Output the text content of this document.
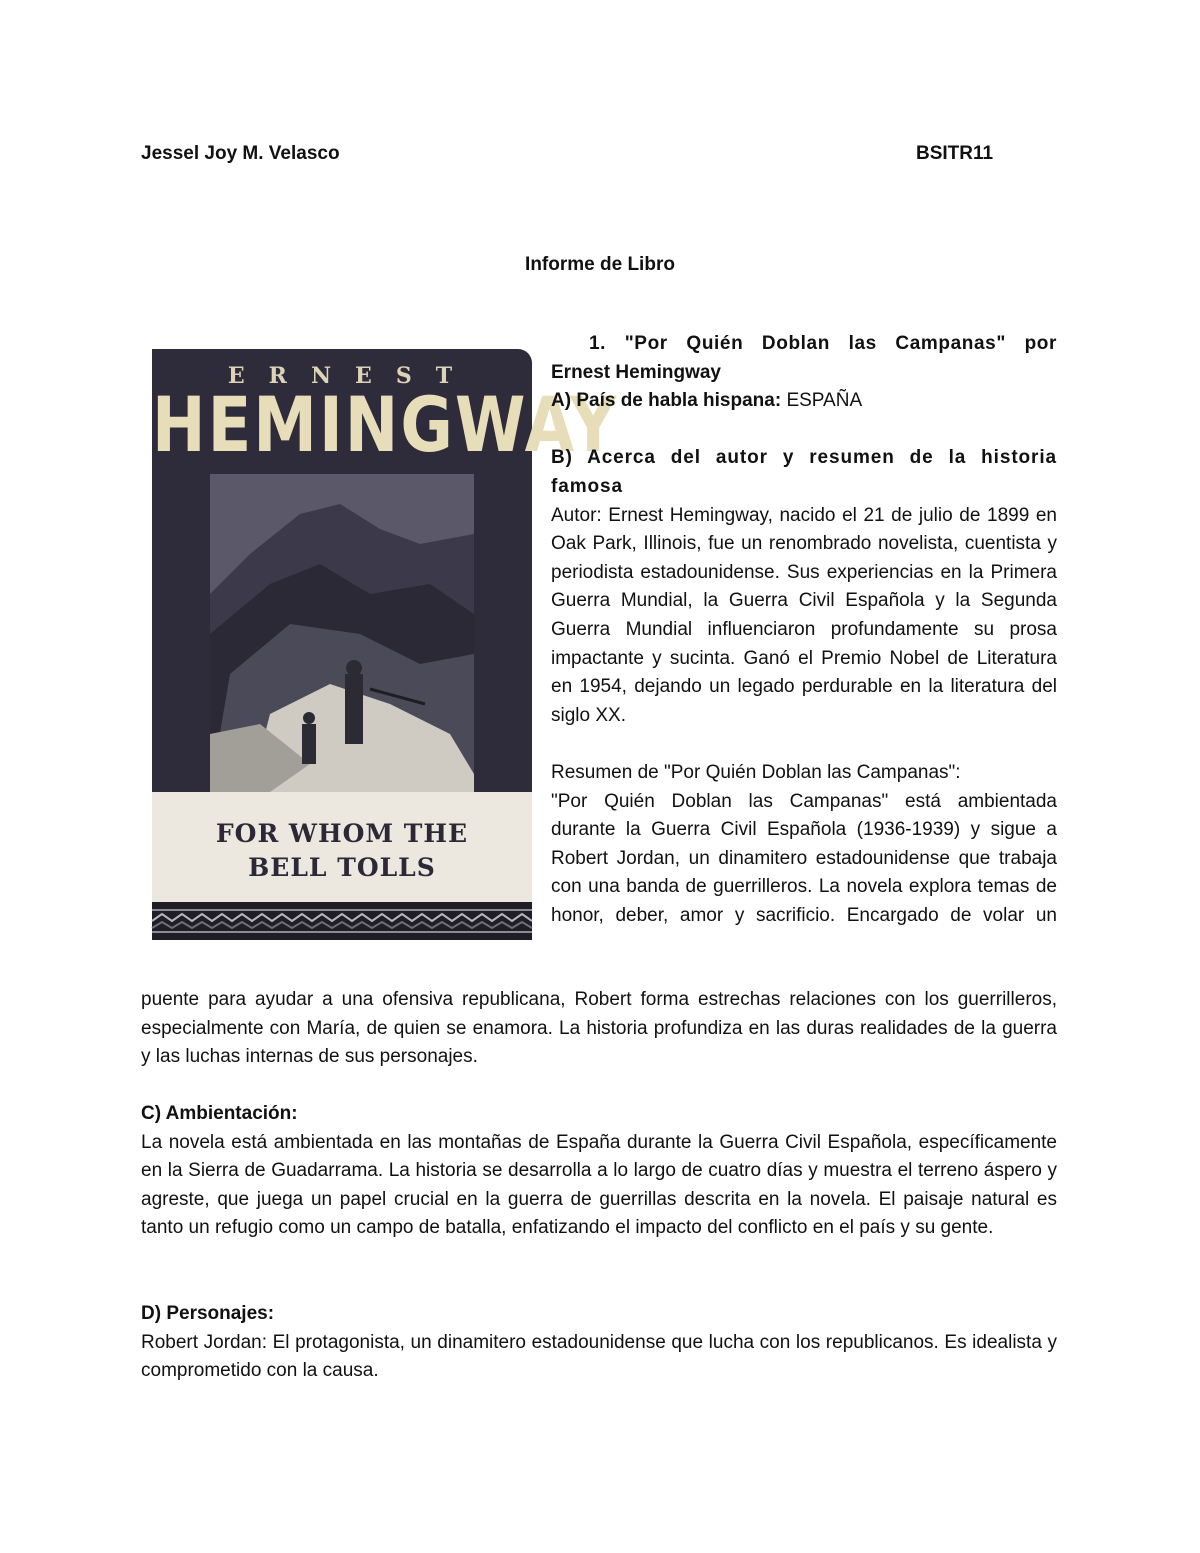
Jessel Joy M. Velasco	BSITR11
Informe de Libro
ERNEST
HEMINGWAY
FOR WHOM THE
BELL TOLLS

1. "Por Quién Doblan las Campanas" por

Ernest Hemingway

A) País de habla hispana: ESPAÑA

B) Acerca del autor y resumen de la historia famosa

Autor: Ernest Hemingway, nacido el 21 de julio de 1899 en Oak Park, Illinois, fue un renombrado novelista, cuentista y periodista estadounidense. Sus experiencias en la Primera Guerra Mundial, la Guerra Civil Española y la Segunda Guerra Mundial influenciaron profundamente su prosa impactante y sucinta. Ganó el Premio Nobel de Literatura en 1954, dejando un legado perdurable en la literatura del siglo XX.

Resumen de "Por Quién Doblan las Campanas":

"Por Quién Doblan las Campanas" está ambientada durante la Guerra Civil Española (1936-1939) y sigue a Robert Jordan, un dinamitero estadounidense que trabaja con una banda de guerrilleros. La novela explora temas de honor, deber, amor y sacrificio. Encargado de volar un

puente para ayudar a una ofensiva republicana, Robert forma estrechas relaciones con los guerrilleros, especialmente con María, de quien se enamora. La historia profundiza en las duras realidades de la guerra y las luchas internas de sus personajes.

C) Ambientación:

La novela está ambientada en las montañas de España durante la Guerra Civil Española, específicamente en la Sierra de Guadarrama. La historia se desarrolla a lo largo de cuatro días y muestra el terreno áspero y agreste, que juega un papel crucial en la guerra de guerrillas descrita en la novela. El paisaje natural es tanto un refugio como un campo de batalla, enfatizando el impacto del conflicto en el país y su gente.

D) Personajes:

Robert Jordan: El protagonista, un dinamitero estadounidense que lucha con los republicanos. Es idealista y comprometido con la causa.
